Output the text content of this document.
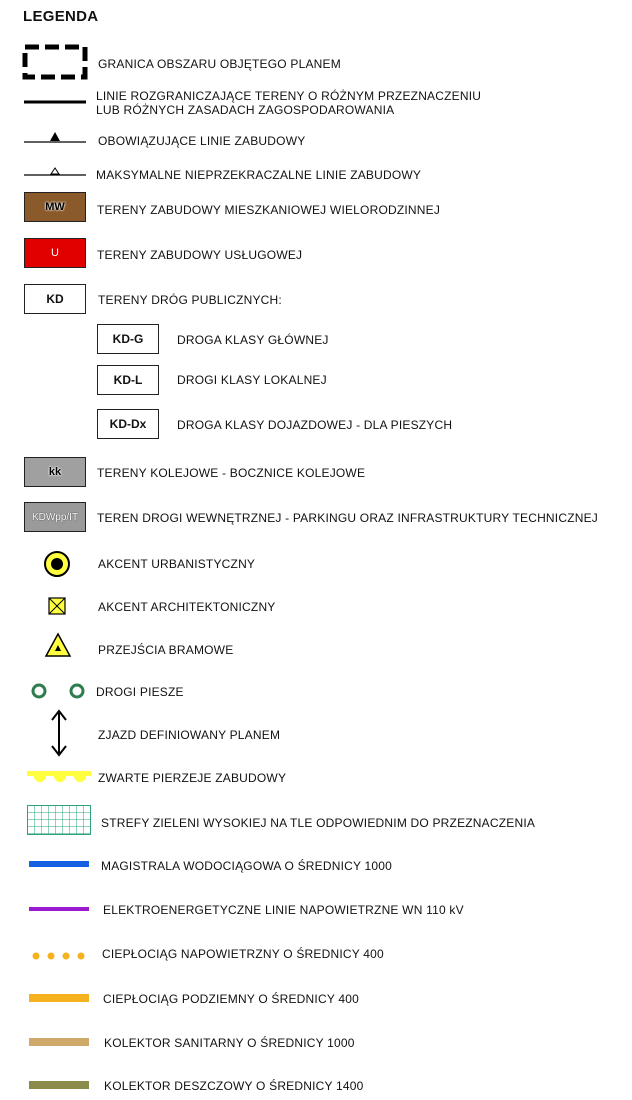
LEGENDA
GRANICA OBSZARU OBJĘTEGO PLANEM
LINIE ROZGRANICZAJĄCE TERENY O RÓŻNYM PRZEZNACZENIU
LUB RÓŻNYCH ZASADACH ZAGOSPODAROWANIA
OBOWIĄZUJĄCE LINIE ZABUDOWY
MAKSYMALNE NIEPRZEKRACZALNE LINIE ZABUDOWY
MW	TERENY ZABUDOWY MIESZKANIOWEJ WIELORODZINNEJ
U	TERENY ZABUDOWY USŁUGOWEJ
KD	TERENY DRÓG PUBLICZNYCH:
KD-G	DROGA KLASY GŁÓWNEJ
KD-L	DROGI KLASY LOKALNEJ
KD-Dx	DROGA KLASY DOJAZDOWEJ - DLA PIESZYCH
kk	TERENY KOLEJOWE - BOCZNICE KOLEJOWE
KDWpp/IT TEREN DROGI WEWNĘTRZNEJ - PARKINGU ORAZ INFRASTRUKTURY TECHNICZNEJ
AKCENT URBANISTYCZNY
AKCENT ARCHITEKTONICZNY
PRZEJŚCIA BRAMOWE
DROGI PIESZE
ZJAZD DEFINIOWANY PLANEM
ZWARTE PIERZEJE ZABUDOWY
STREFY ZIELENI WYSOKIEJ NA TLE ODPOWIEDNIM DO PRZEZNACZENIA
MAGISTRALA WODOCIĄGOWA O ŚREDNICY 1000
ELEKTROENERGETYCZNE LINIE NAPOWIETRZNE WN 110 kV
CIEPŁOCIĄG NAPOWIETRZNY O ŚREDNICY 400
CIEPŁOCIĄG PODZIEMNY O ŚREDNICY 400
KOLEKTOR SANITARNY O ŚREDNICY 1000
KOLEKTOR DESZCZOWY O ŚREDNICY 1400
